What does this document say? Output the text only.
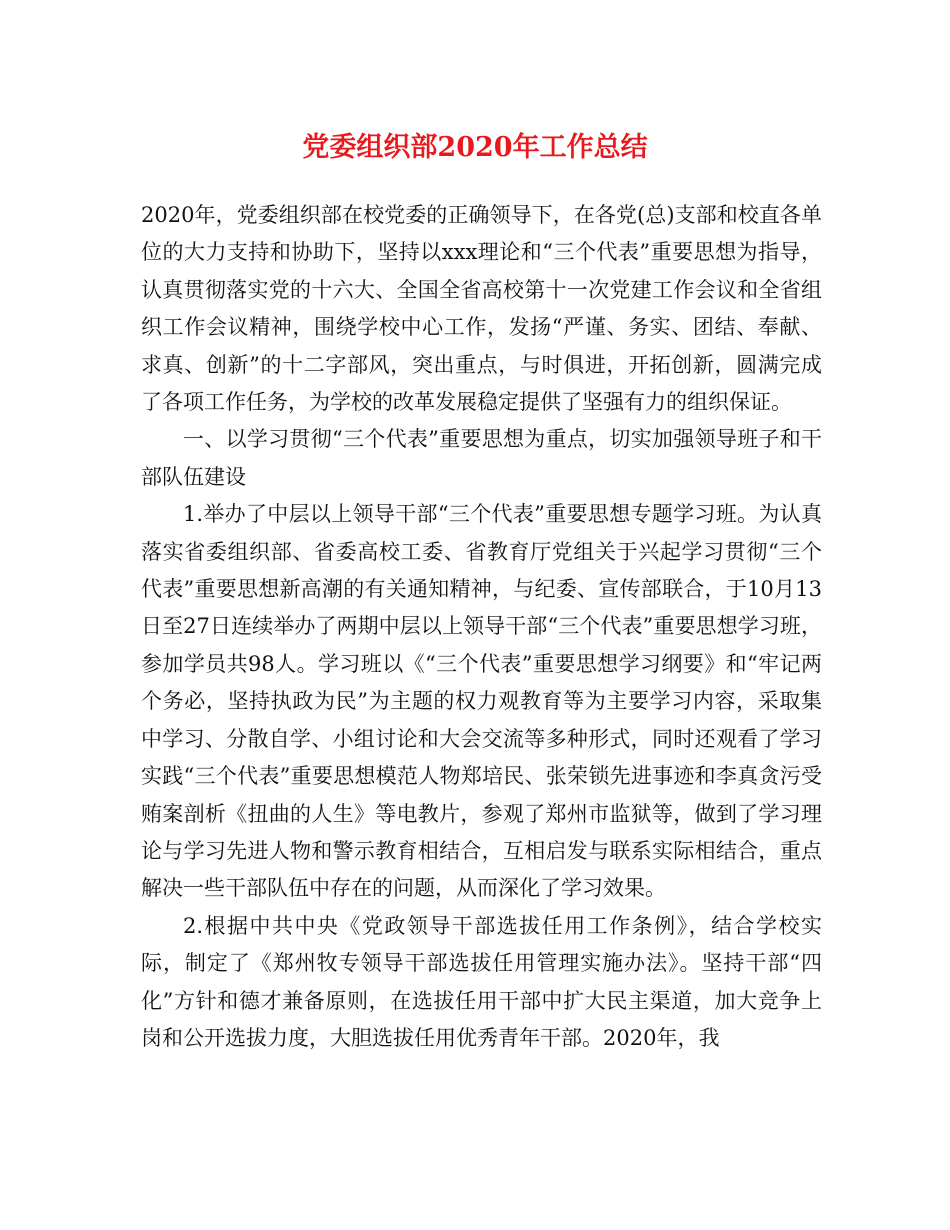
党委组织部2020年工作总结

2020年，党委组织部在校党委的正确领导下，在各党(总)支部和校直各单位的大力支持和协助下，坚持以xxx理论和“三个代表”重要思想为指导，认真贯彻落实党的十六大、全国全省高校第十一次党建工作会议和全省组织工作会议精神，围绕学校中心工作，发扬“严谨、务实、团结、奉献、求真、创新”的十二字部风，突出重点，与时俱进，开拓创新，圆满完成了各项工作任务，为学校的改革发展稳定提供了坚强有力的组织保证。

一、以学习贯彻“三个代表”重要思想为重点，切实加强领导班子和干部队伍建设

1.举办了中层以上领导干部“三个代表”重要思想专题学习班。为认真落实省委组织部、省委高校工委、省教育厅党组关于兴起学习贯彻“三个代表”重要思想新高潮的有关通知精神，与纪委、宣传部联合，于10月13日至27日连续举办了两期中层以上领导干部“三个代表”重要思想学习班，参加学员共98人。学习班以《“三个代表”重要思想学习纲要》和“牢记两个务必，坚持执政为民”为主题的权力观教育等为主要学习内容，采取集中学习、分散自学、小组讨论和大会交流等多种形式，同时还观看了学习实践“三个代表”重要思想模范人物郑培民、张荣锁先进事迹和李真贪污受贿案剖析《扭曲的人生》等电教片，参观了郑州市监狱等，做到了学习理论与学习先进人物和警示教育相结合，互相启发与联系实际相结合，重点解决一些干部队伍中存在的问题，从而深化了学习效果。

2.根据中共中央《党政领导干部选拔任用工作条例》，结合学校实际，制定了《郑州牧专领导干部选拔任用管理实施办法》。坚持干部“四化”方针和德才兼备原则，在选拔任用干部中扩大民主渠道，加大竞争上岗和公开选拔力度，大胆选拔任用优秀青年干部。2020年，我
